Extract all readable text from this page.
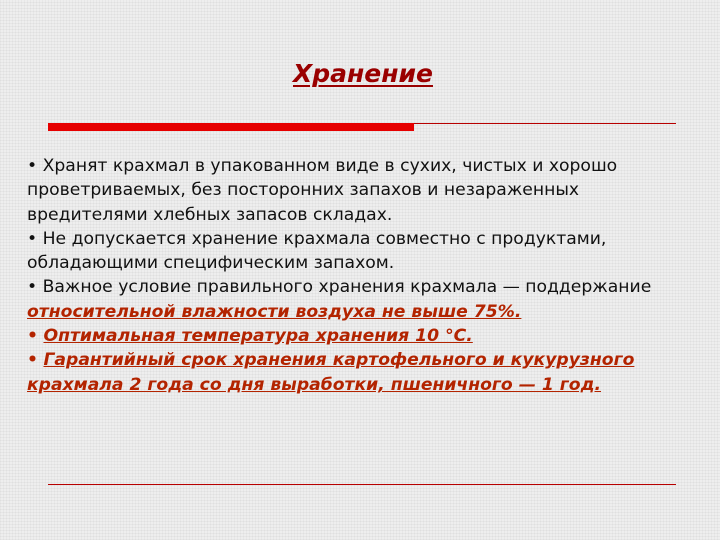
Хранение

• Хранят крахмал в упакованном виде в сухих, чистых и хорошо проветриваемых, без посторонних запахов и незараженных вредителями хлебных запасов складах.

• Не допускается хранение крахмала совместно с продуктами, обладающими специфическим запахом.

• Важное условие правильного хранения крахмала — поддержание относительной влажности воздуха не выше 75%.

• Оптимальная температура хранения 10 °С.

• Гарантийный срок хранения картофельного и кукурузного крахмала 2 года со дня выработки, пшеничного — 1 год.
